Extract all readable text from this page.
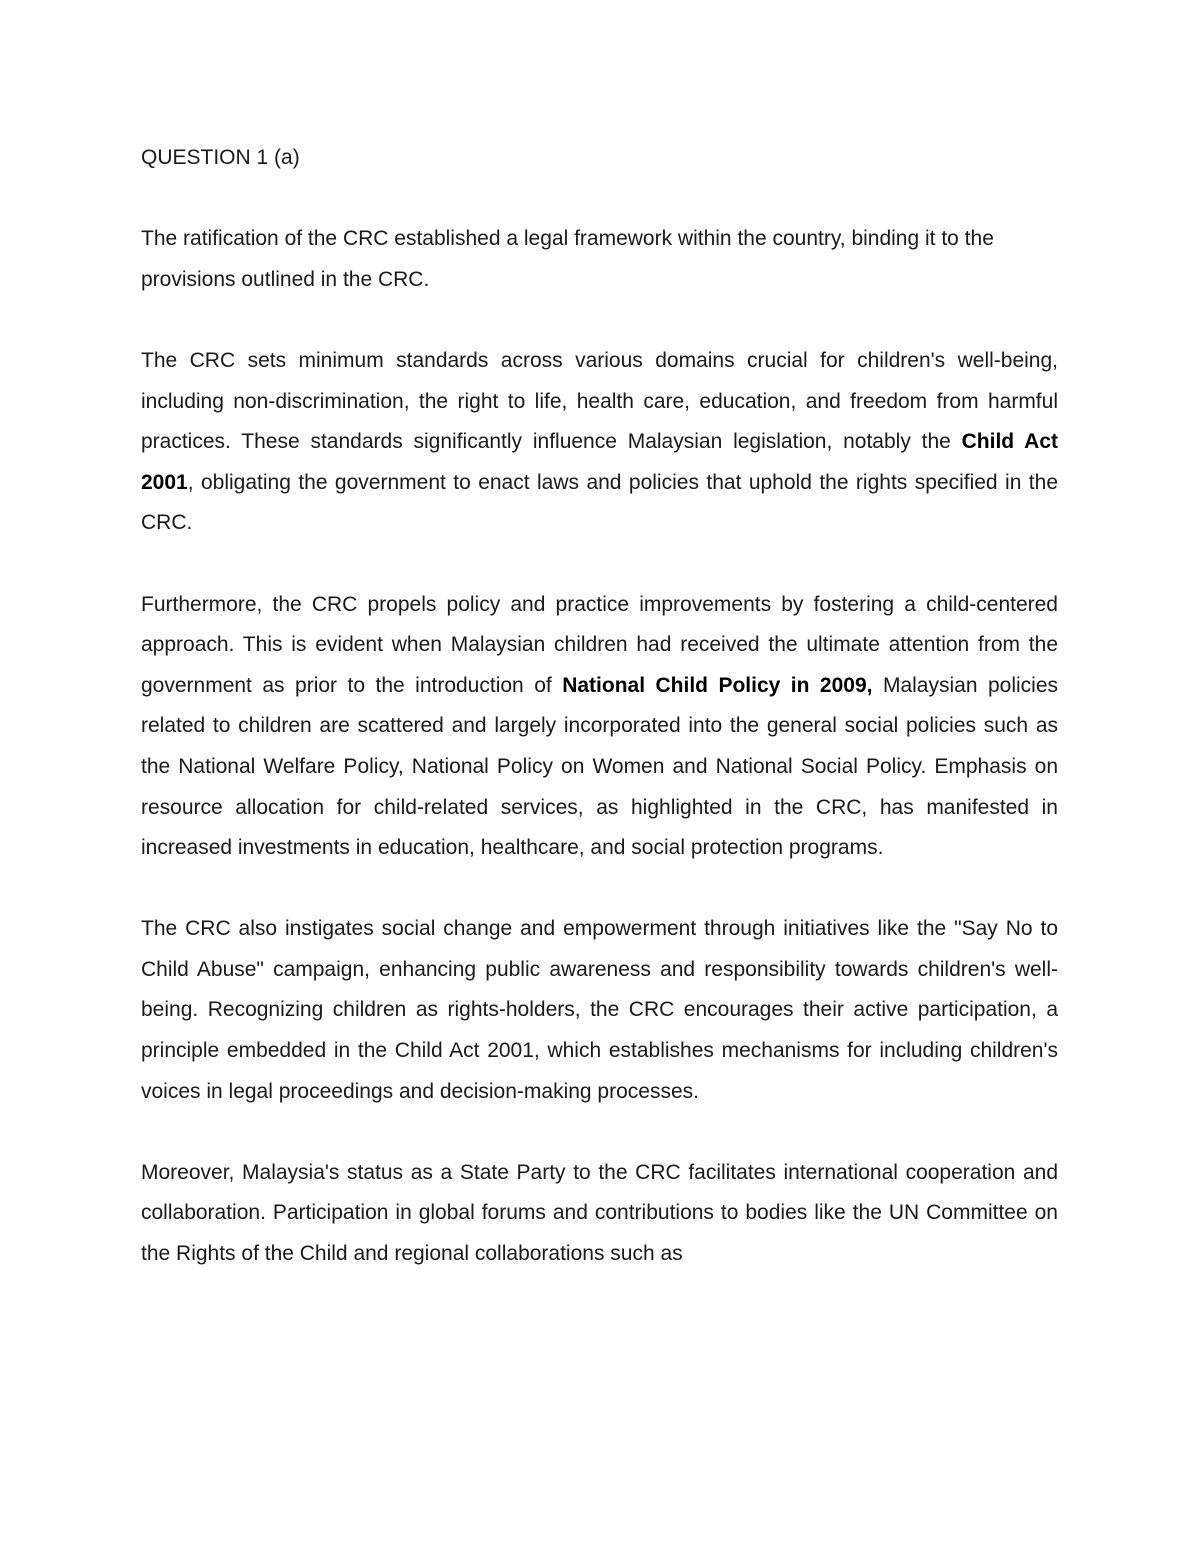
QUESTION 1 (a)

The ratification of the CRC established a legal framework within the country, binding it to the provisions outlined in the CRC.

The CRC sets minimum standards across various domains crucial for children's well-being, including non-discrimination, the right to life, health care, education, and freedom from harmful practices. These standards significantly influence Malaysian legislation, notably the Child Act 2001, obligating the government to enact laws and policies that uphold the rights specified in the CRC.

Furthermore, the CRC propels policy and practice improvements by fostering a child-centered approach. This is evident when Malaysian children had received the ultimate attention from the government as prior to the introduction of National Child Policy in 2009, Malaysian policies related to children are scattered and largely incorporated into the general social policies such as the National Welfare Policy, National Policy on Women and National Social Policy. Emphasis on resource allocation for child-related services, as highlighted in the CRC, has manifested in increased investments in education, healthcare, and social protection programs.

The CRC also instigates social change and empowerment through initiatives like the "Say No to Child Abuse" campaign, enhancing public awareness and responsibility towards children's well-being. Recognizing children as rights-holders, the CRC encourages their active participation, a principle embedded in the Child Act 2001, which establishes mechanisms for including children's voices in legal proceedings and decision-making processes.

Moreover, Malaysia's status as a State Party to the CRC facilitates international cooperation and collaboration. Participation in global forums and contributions to bodies like the UN Committee on the Rights of the Child and regional collaborations such as
